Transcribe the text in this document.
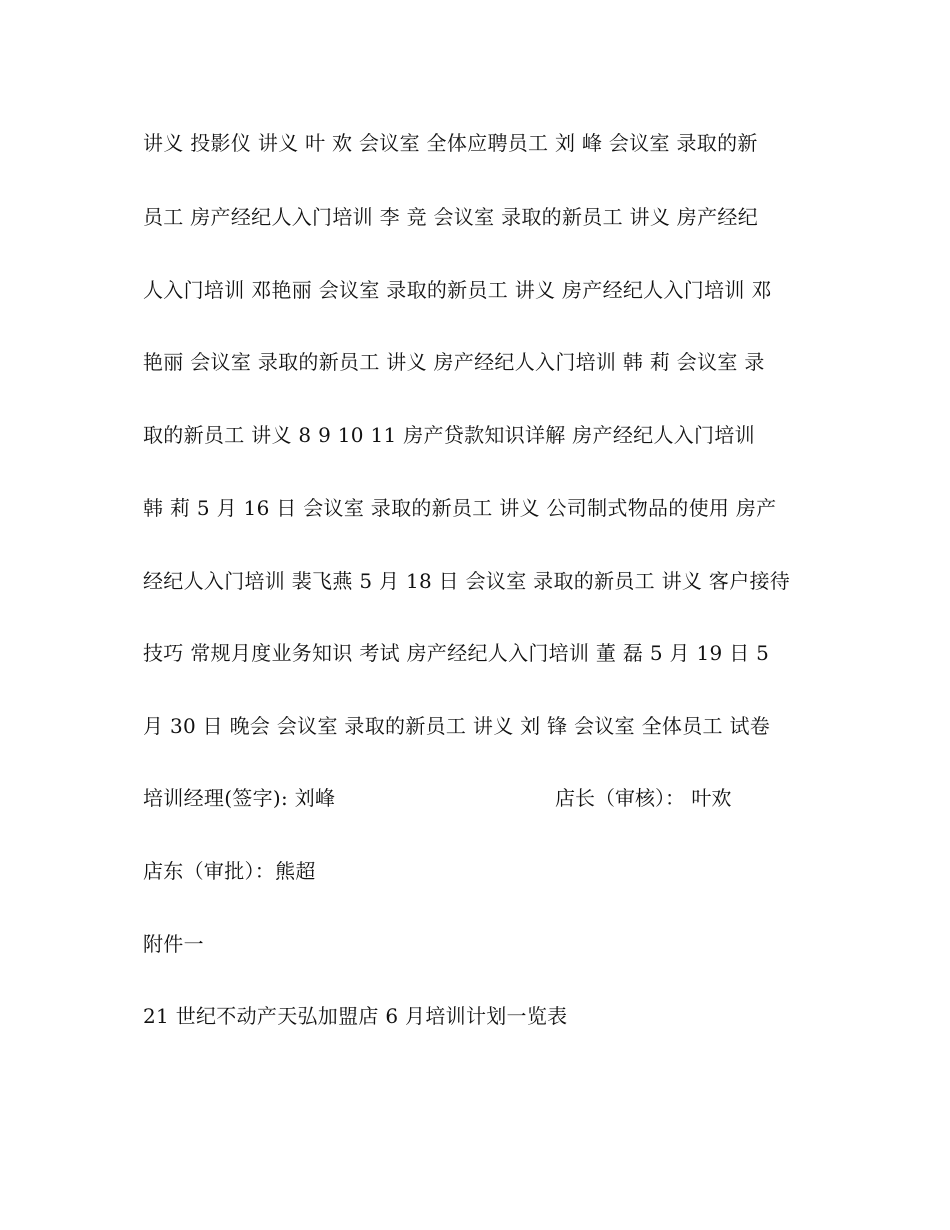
讲义 投影仪 讲义 叶 欢 会议室 全体应聘员工 刘 峰 会议室 录取的新
员工 房产经纪人入门培训 李 竞 会议室 录取的新员工 讲义 房产经纪
人入门培训 邓艳丽 会议室 录取的新员工 讲义 房产经纪人入门培训 邓
艳丽 会议室 录取的新员工 讲义 房产经纪人入门培训 韩 莉 会议室 录
取的新员工 讲义 8 9 10 11 房产贷款知识详解 房产经纪人入门培训
韩 莉 5 月 16 日 会议室 录取的新员工 讲义 公司制式物品的使用 房产
经纪人入门培训 裴飞燕 5 月 18 日 会议室 录取的新员工 讲义 客户接待
技巧 常规月度业务知识 考试 房产经纪人入门培训 董 磊 5 月 19 日 5
月 30 日 晚会 会议室 录取的新员工 讲义 刘 锋 会议室 全体员工 试卷
培训经理(签字): 刘峰	店长（审核）： 叶欢
店东（审批）：熊超
附件一
21 世纪不动产天弘加盟店 6 月培训计划一览表
